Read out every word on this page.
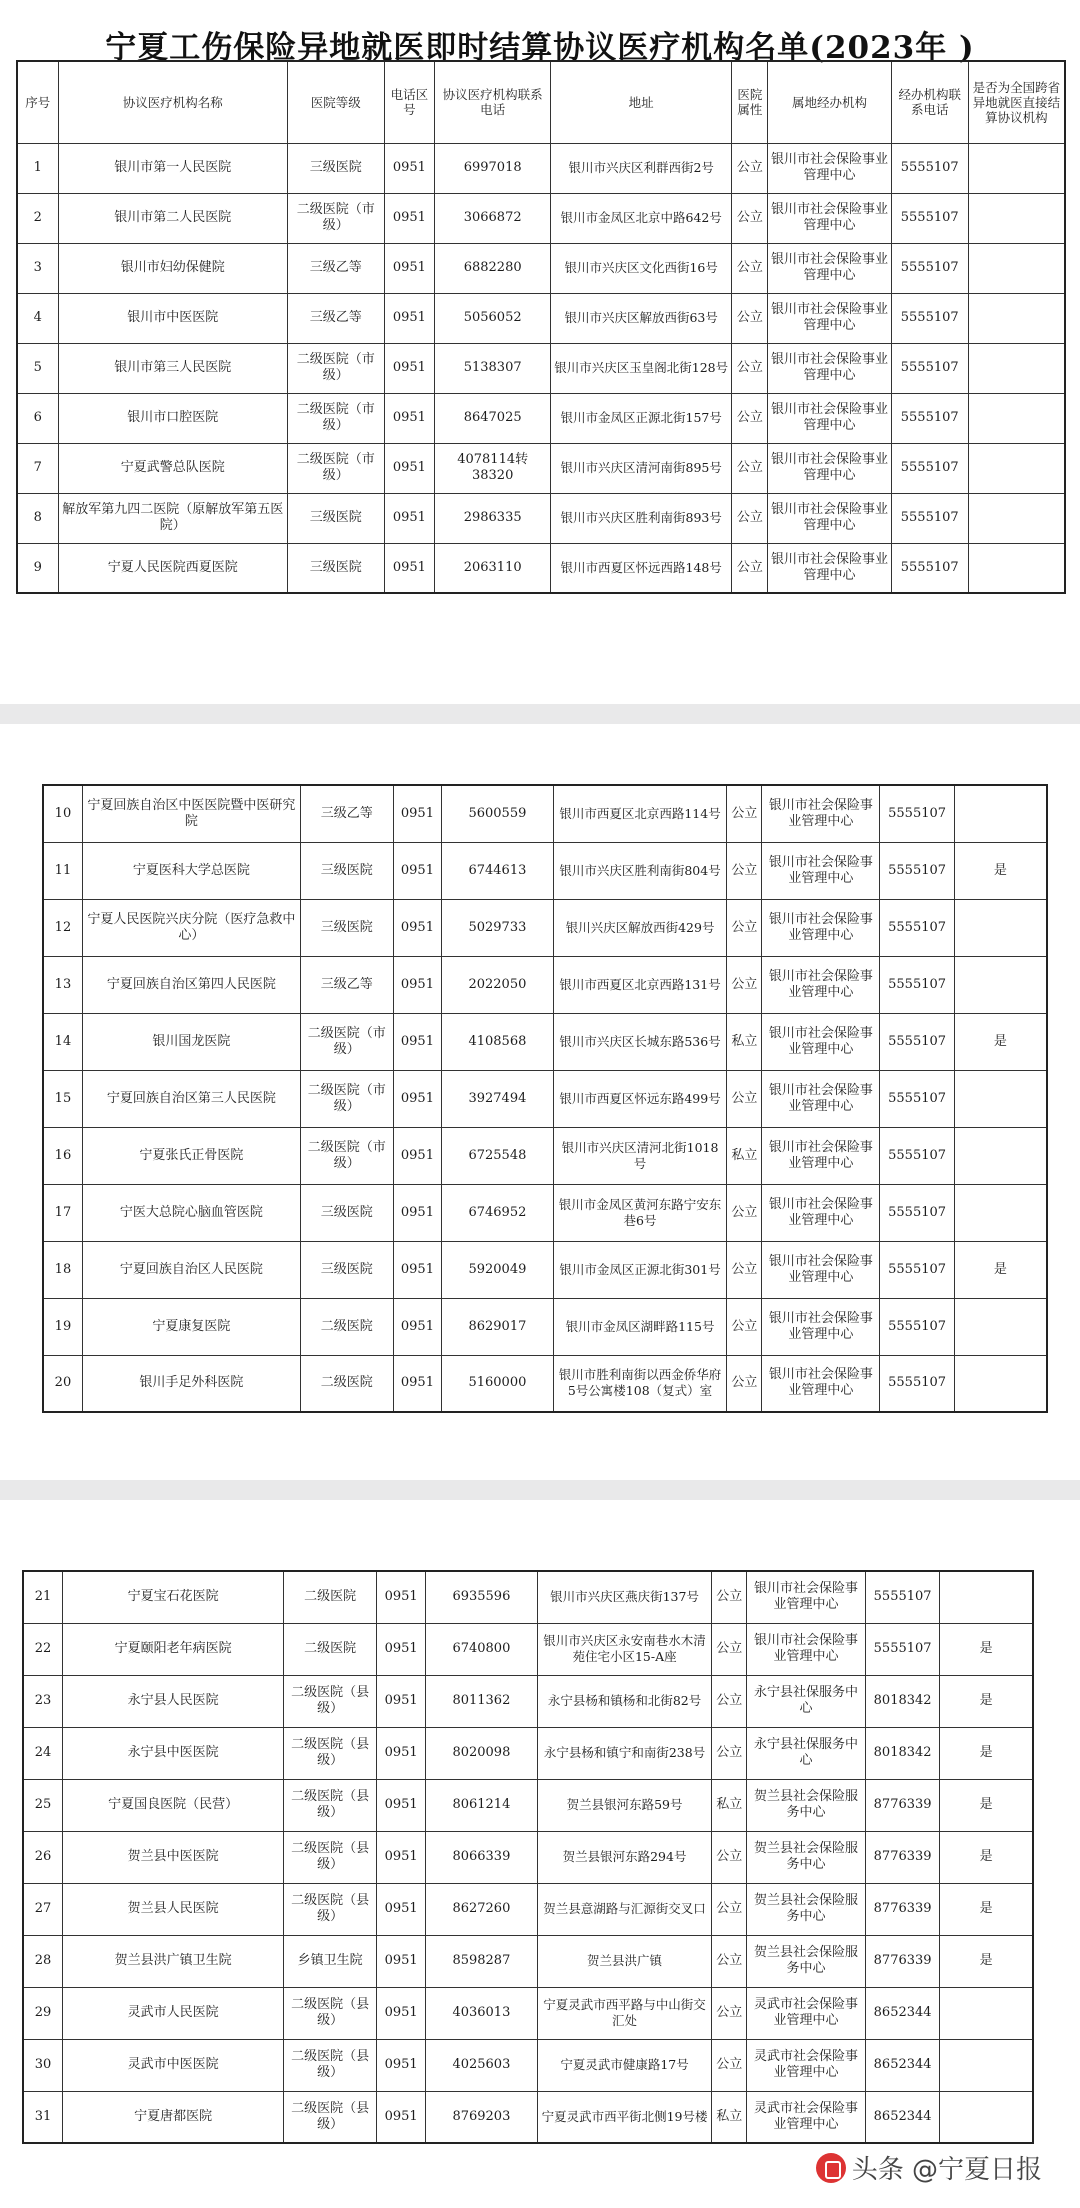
宁夏工伤保险异地就医即时结算协议医疗机构名单(2023年 )
序号	协议医疗机构名称	医院等级	电话区号	协议医疗机构联系电话	地址	医院属性	属地经办机构	经办机构联系电话	是否为全国跨省异地就医直接结算协议机构
1	银川市第一人民医院	三级医院	0951	6997018	银川市兴庆区利群西街2号	公立	银川市社会保险事业管理中心	5555107	
2	银川市第二人民医院	二级医院（市级）	0951	3066872	银川市金凤区北京中路642号	公立	银川市社会保险事业管理中心	5555107	
3	银川市妇幼保健院	三级乙等	0951	6882280	银川市兴庆区文化西街16号	公立	银川市社会保险事业管理中心	5555107	
4	银川市中医医院	三级乙等	0951	5056052	银川市兴庆区解放西街63号	公立	银川市社会保险事业管理中心	5555107	
5	银川市第三人民医院	二级医院（市级）	0951	5138307	银川市兴庆区玉皇阁北街128号	公立	银川市社会保险事业管理中心	5555107	
6	银川市口腔医院	二级医院（市级）	0951	8647025	银川市金凤区正源北街157号	公立	银川市社会保险事业管理中心	5555107	
7	宁夏武警总队医院	二级医院（市级）	0951	4078114转38320	银川市兴庆区清河南街895号	公立	银川市社会保险事业管理中心	5555107	
8	解放军第九四二医院（原解放军第五医院）	三级医院	0951	2986335	银川市兴庆区胜利南街893号	公立	银川市社会保险事业管理中心	5555107	
9	宁夏人民医院西夏医院	三级医院	0951	2063110	银川市西夏区怀远西路148号	公立	银川市社会保险事业管理中心	5555107	
10	宁夏回族自治区中医医院暨中医研究院	三级乙等	0951	5600559	银川市西夏区北京西路114号	公立	银川市社会保险事业管理中心	5555107	
11	宁夏医科大学总医院	三级医院	0951	6744613	银川市兴庆区胜利南街804号	公立	银川市社会保险事业管理中心	5555107	是
12	宁夏人民医院兴庆分院（医疗急救中心）	三级医院	0951	5029733	银川兴庆区解放西街429号	公立	银川市社会保险事业管理中心	5555107	
13	宁夏回族自治区第四人民医院	三级乙等	0951	2022050	银川市西夏区北京西路131号	公立	银川市社会保险事业管理中心	5555107	
14	银川国龙医院	二级医院（市级）	0951	4108568	银川市兴庆区长城东路536号	私立	银川市社会保险事业管理中心	5555107	是
15	宁夏回族自治区第三人民医院	二级医院（市级）	0951	3927494	银川市西夏区怀远东路499号	公立	银川市社会保险事业管理中心	5555107	
16	宁夏张氏正骨医院	二级医院（市级）	0951	6725548	银川市兴庆区清河北街1018号	私立	银川市社会保险事业管理中心	5555107	
17	宁医大总院心脑血管医院	三级医院	0951	6746952	银川市金凤区黄河东路宁安东巷6号	公立	银川市社会保险事业管理中心	5555107	
18	宁夏回族自治区人民医院	三级医院	0951	5920049	银川市金凤区正源北街301号	公立	银川市社会保险事业管理中心	5555107	是
19	宁夏康复医院	二级医院	0951	8629017	银川市金凤区湖畔路115号	公立	银川市社会保险事业管理中心	5555107	
20	银川手足外科医院	二级医院	0951	5160000	银川市胜利南街以西金侨华府5号公寓楼108（复式）室	公立	银川市社会保险事业管理中心	5555107	
21	宁夏宝石花医院	二级医院	0951	6935596	银川市兴庆区燕庆街137号	公立	银川市社会保险事业管理中心	5555107	
22	宁夏颐阳老年病医院	二级医院	0951	6740800	银川市兴庆区永安南巷水木清苑住宅小区15-A座	公立	银川市社会保险事业管理中心	5555107	是
23	永宁县人民医院	二级医院（县级）	0951	8011362	永宁县杨和镇杨和北街82号	公立	永宁县社保服务中心	8018342	是
24	永宁县中医医院	二级医院（县级）	0951	8020098	永宁县杨和镇宁和南街238号	公立	永宁县社保服务中心	8018342	是
25	宁夏国良医院（民营）	二级医院（县级）	0951	8061214	贺兰县银河东路59号	私立	贺兰县社会保险服务中心	8776339	是
26	贺兰县中医医院	二级医院（县级）	0951	8066339	贺兰县银河东路294号	公立	贺兰县社会保险服务中心	8776339	是
27	贺兰县人民医院	二级医院（县级）	0951	8627260	贺兰县意湖路与汇源街交叉口	公立	贺兰县社会保险服务中心	8776339	是
28	贺兰县洪广镇卫生院	乡镇卫生院	0951	8598287	贺兰县洪广镇	公立	贺兰县社会保险服务中心	8776339	是
29	灵武市人民医院	二级医院（县级）	0951	4036013	宁夏灵武市西平路与中山街交汇处	公立	灵武市社会保险事业管理中心	8652344	
30	灵武市中医医院	二级医院（县级）	0951	4025603	宁夏灵武市健康路17号	公立	灵武市社会保险事业管理中心	8652344	
31	宁夏唐都医院	二级医院（县级）	0951	8769203	宁夏灵武市西平街北侧19号楼	私立	灵武市社会保险事业管理中心	8652344	
头条 @宁夏日报
